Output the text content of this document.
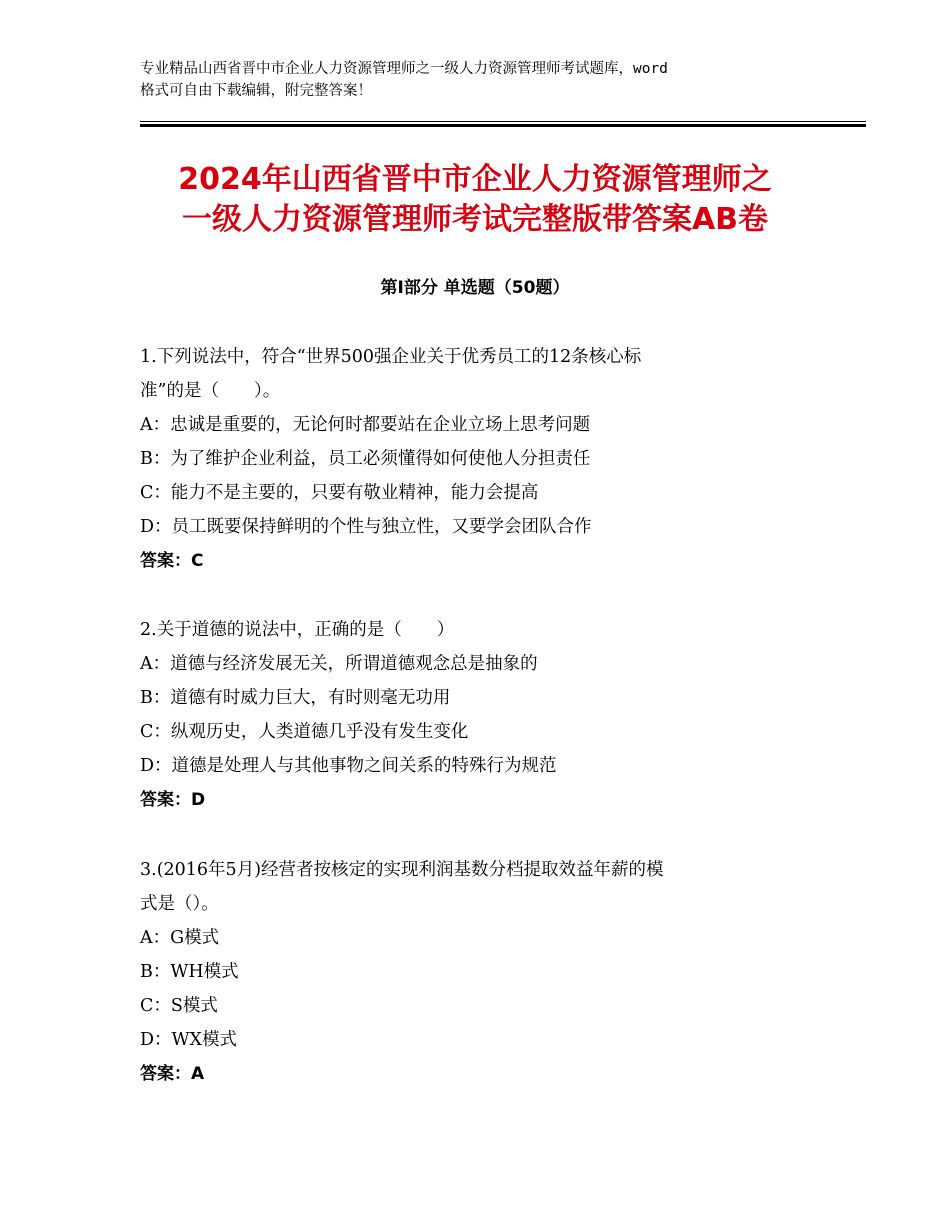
专业精品山西省晋中市企业人力资源管理师之一级人力资源管理师考试题库，word
格式可自由下载编辑，附完整答案！
2024年山西省晋中市企业人力资源管理师之
一级人力资源管理师考试完整版带答案AB卷
第Ⅰ部分 单选题（50题）
1.下列说法中，符合“世界500强企业关于优秀员工的12条核心标
准”的是（　　）。
A：忠诚是重要的，无论何时都要站在企业立场上思考问题
B：为了维护企业利益，员工必须懂得如何使他人分担责任
C：能力不是主要的，只要有敬业精神，能力会提高
D：员工既要保持鲜明的个性与独立性，又要学会团队合作
答案：C
2.关于道德的说法中，正确的是（　　）
A：道德与经济发展无关，所谓道德观念总是抽象的
B：道德有时威力巨大，有时则毫无功用
C：纵观历史，人类道德几乎没有发生变化
D：道德是处理人与其他事物之间关系的特殊行为规范
答案：D
3.(2016年5月)经营者按核定的实现利润基数分档提取效益年薪的模
式是（）。
A：G模式
B：WH模式
C：S模式
D：WX模式
答案：A
